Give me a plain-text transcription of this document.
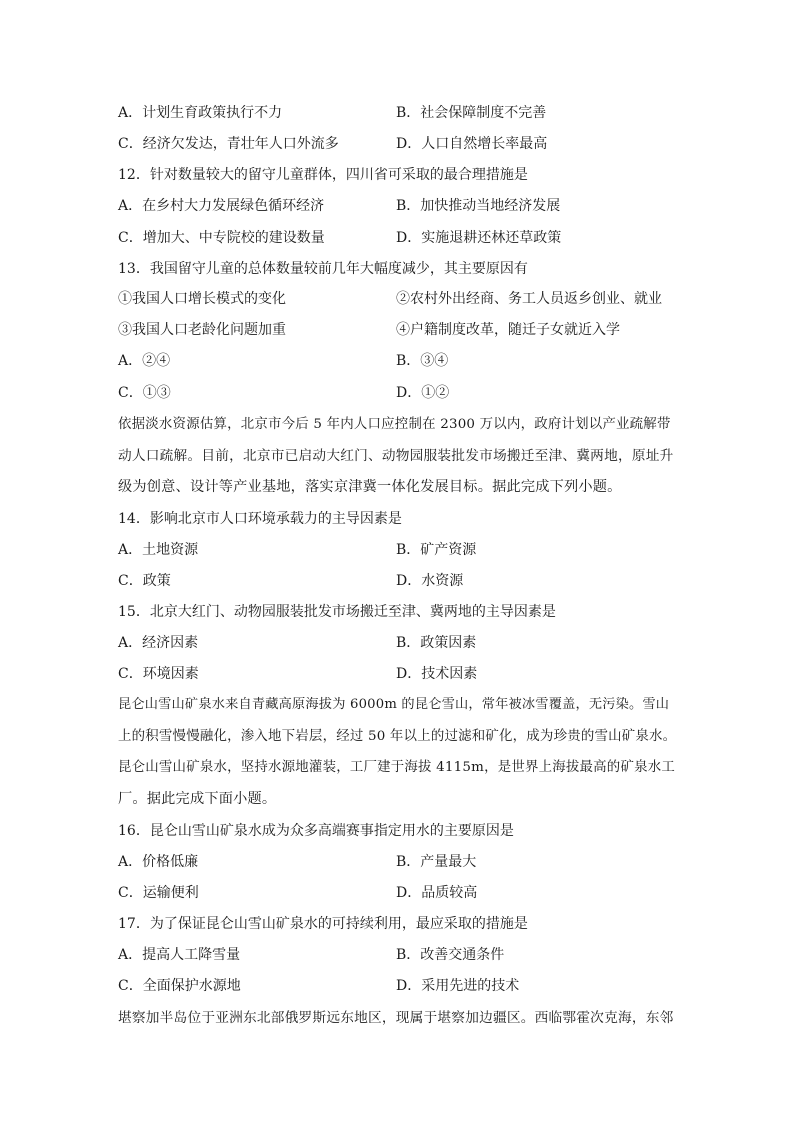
A．计划生育政策执行不力	B．社会保障制度不完善
C．经济欠发达，青壮年人口外流多	D．人口自然增长率最高
12．针对数量较大的留守儿童群体，四川省可采取的最合理措施是
A．在乡村大力发展绿色循环经济	B．加快推动当地经济发展
C．增加大、中专院校的建设数量	D．实施退耕还林还草政策
13．我国留守儿童的总体数量较前几年大幅度减少，其主要原因有
①我国人口增长模式的变化	②农村外出经商、务工人员返乡创业、就业
③我国人口老龄化问题加重	④户籍制度改革，随迁子女就近入学
A．②④	B．③④
C．①③	D．①②
依据淡水资源估算，北京市今后 5 年内人口应控制在 2300 万以内，政府计划以产业疏解带
动人口疏解。目前，北京市已启动大红门、动物园服装批发市场搬迁至津、冀两地，原址升
级为创意、设计等产业基地，落实京津冀一体化发展目标。据此完成下列小题。
14．影响北京市人口环境承载力的主导因素是
A．土地资源	B．矿产资源
C．政策	D．水资源
15．北京大红门、动物园服装批发市场搬迁至津、冀两地的主导因素是
A．经济因素	B．政策因素
C．环境因素	D．技术因素
昆仑山雪山矿泉水来自青藏高原海拔为 6000m 的昆仑雪山，常年被冰雪覆盖，无污染。雪山
上的积雪慢慢融化，渗入地下岩层，经过 50 年以上的过滤和矿化，成为珍贵的雪山矿泉水。
昆仑山雪山矿泉水，坚持水源地灌装，工厂建于海拔 4115m，是世界上海拔最高的矿泉水工
厂。据此完成下面小题。
16．昆仑山雪山矿泉水成为众多高端赛事指定用水的主要原因是
A．价格低廉	B．产量最大
C．运输便利	D．品质较高
17．为了保证昆仑山雪山矿泉水的可持续利用，最应采取的措施是
A．提高人工降雪量	B．改善交通条件
C．全面保护水源地	D．采用先进的技术
堪察加半岛位于亚洲东北部俄罗斯远东地区，现属于堪察加边疆区。西临鄂霍次克海，东邻
